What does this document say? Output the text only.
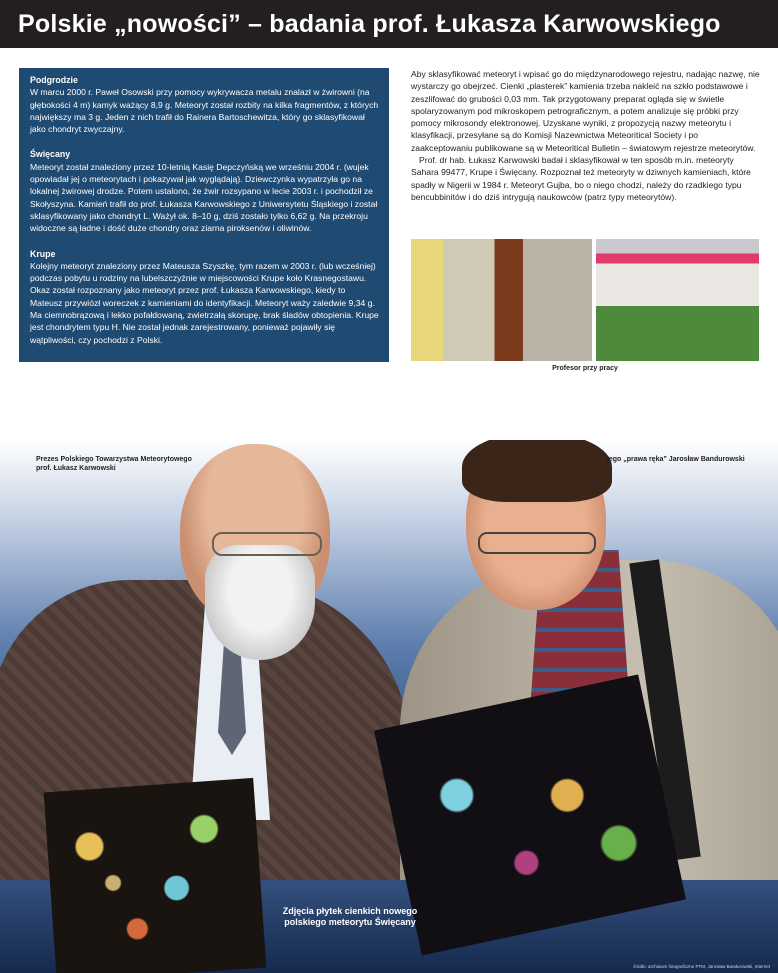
Polskie „nowości” – badania prof. Łukasza Karwowskiego
Podgrodzie

W marcu 2000 r. Paweł Osowski przy pomocy wykrywacza metalu znalazł w żwirowni (na głębokości 4 m) kamyk ważący 8,9 g. Meteoryt został rozbity na kilka fragmentów, z których największy ma 3 g. Jeden z nich trafił do Rainera Bartoschewitza, który go sklasyfikował jako chondryt zwyczajny.

Święcany

Meteoryt został znaleziony przez 10-letnią Kasię Depczyńską we wrześniu 2004 r. (wujek opowiadał jej o meteorytach i pokazywał jak wyglądają). Dziewczynka wypatrzyła go na lokalnej żwirowej drodze. Potem ustalono, że żwir rozsypano w lecie 2003 r. i pochodził ze Skołyszyna. Kamień trafił do prof. Łukasza Karwowskiego z Uniwersytetu Śląskiego i został sklasyfikowany jako chondryt L. Ważył ok. 8–10 g, dziś zostało tylko 6,62 g. Na przekroju widoczne są ładne i dość duże chondry oraz ziarna piroksenów i oliwinów.

Krupe

Kolejny meteoryt znaleziony przez Mateusza Szyszkę, tym razem w 2003 r. (lub wcześniej) podczas pobytu u rodziny na lubelszczyźnie w miejscowości Krupe koło Krasnegostawu. Okaz został rozpoznany jako meteoryt przez prof. Łukasza Karwowskiego, kiedy to Mateusz przywiózł woreczek z kamieniami do identyfikacji. Meteoryt waży zaledwie 9,34 g. Ma ciemnobrązową i lekko pofałdowaną, zwietrzałą skorupę, brak śladów obtopienia. Krupe jest chondrytem typu H. Nie został jednak zarejestrowany, ponieważ pojawiły się wątpliwości, czy pochodzi z Polski.

Aby sklasyfikować meteoryt i wpisać go do międzynarodowego rejestru, nadając nazwę, nie wystarczy go obejrzeć. Cienki „plasterek” kamienia trzeba nakleić na szkło podstawowe i zeszlifować do grubości 0,03 mm. Tak przygotowany preparat ogląda się w świetle spolaryzowanym pod mikroskopem petrograficznym, a potem analizuje się próbki przy pomocy mikrosondy elektronowej. Uzyskane wyniki, z propozycją nazwy meteorytu i klasyfikacji, przesyłane są do Komisji Nazewnictwa Meteoritical Society i po zaakceptowaniu publikowane są w Meteoritical Bulletin – światowym rejestrze meteorytów.

Prof. dr hab. Łukasz Karwowski badał i sklasyfikował w ten sposób m.in. meteoryty Sahara 99477, Krupe i Święcany. Rozpoznał też meteoryty w dziwnych kamieniach, które spadły w Nigerii w 1984 r. Meteoryt Gujba, bo o niego chodzi, należy do rzadkiego typu bencubbinitów i do dziś intrygują naukowców (patrz typy meteorytów).

Profesor przy pracy
Prezes Polskiego Towarzystwa Meteorytowego
prof. Łukasz Karwowski
Jego „prawa ręka” Jarosław Bandurowski
Zdjęcia płytek cienkich nowego polskiego meteorytu Święcany
źródło: archiwum fotograficzne PTM, Jarosław Bandurowski, Internet
